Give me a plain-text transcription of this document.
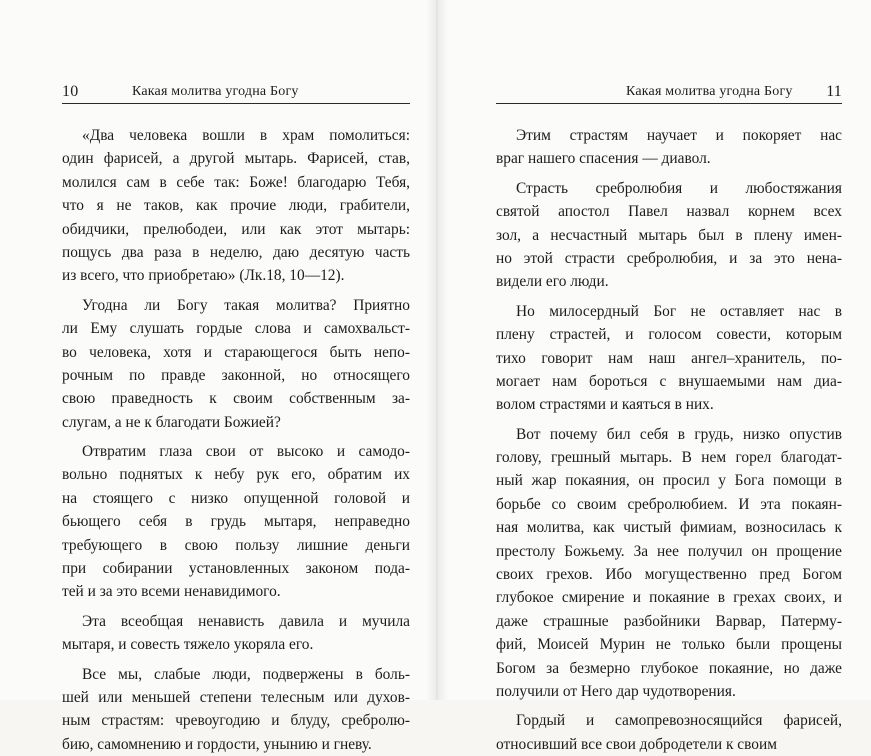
10	Какая молитва угодна Богу
«Два человека вошли в храм помолиться:
один фарисей, а другой мытарь. Фарисей, став,
молился сам в себе так: Боже! благодарю Тебя,
что я не таков, как прочие люди, грабители,
обидчики, прелюбодеи, или как этот мытарь:
пощусь два раза в неделю, даю десятую часть
из всего, что приобретаю» (Лк.18, 10—12).
Угодна ли Богу такая молитва? Приятно
ли Ему слушать гордые слова и самохвальст-
во человека, хотя и старающегося быть непо-
рочным по правде законной, но относящего
свою праведность к своим собственным за-
слугам, а не к благодати Божией?
Отвратим глаза свои от высоко и самодо-
вольно поднятых к небу рук его, обратим их
на стоящего с низко опущенной головой и
бьющего себя в грудь мытаря, неправедно
требующего в свою пользу лишние деньги
при собирании установленных законом пода-
тей и за это всеми ненавидимого.
Эта всеобщая ненависть давила и мучила
мытаря, и совесть тяжело укоряла его.
Все мы, слабые люди, подвержены в боль-
шей или меньшей степени телесным или духов-
ным страстям: чревоугодию и блуду, сребролю-
бию, самомнению и гордости, унынию и гневу.
Какая молитва угодна Богу 11
Этим страстям научает и покоряет нас
враг нашего спасения — диавол.
Страсть сребролюбия и любостяжания
святой апостол Павел назвал корнем всех
зол, а несчастный мытарь был в плену имен-
но этой страсти сребролюбия, и за это нена-
видели его люди.
Но милосердный Бог не оставляет нас в
плену страстей, и голосом совести, которым
тихо говорит нам наш ангел–хранитель, по-
могает нам бороться с внушаемыми нам диа-
волом страстями и каяться в них.
Вот почему бил себя в грудь, низко опустив
голову, грешный мытарь. В нем горел благодат-
ный жар покаяния, он просил у Бога помощи в
борьбе со своим сребролюбием. И эта покаян-
ная молитва, как чистый фимиам, возносилась к
престолу Божьему. За нее получил он прощение
своих грехов. Ибо могущественно пред Богом
глубокое смирение и покаяние в грехах своих, и
даже страшные разбойники Варвар, Патермy-
фий, Моисей Мурин не только были прощены
Богом за безмерно глубокое покаяние, но даже
получили от Него дар чудотворения.
Гордый и самопревозносящийся фарисей,
относивший все свои добродетели к своим
